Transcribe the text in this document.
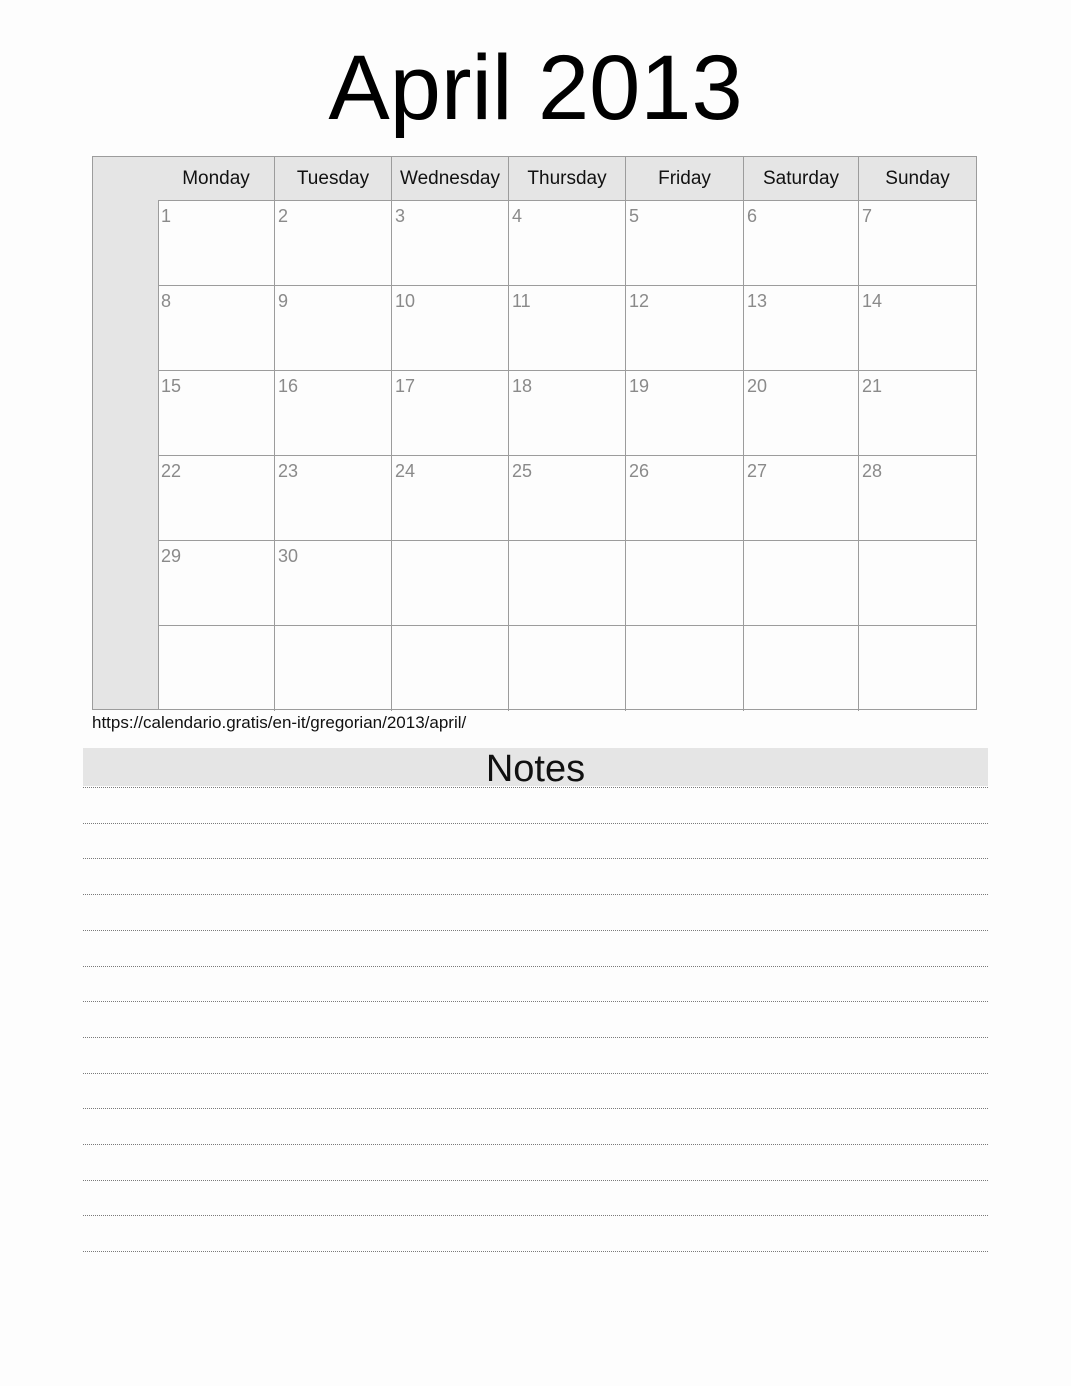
April 2013
Monday	Tuesday	Wednesday	Thursday	Friday	Saturday	Sunday
1	2	3	4	5	6	7
8	9	10	11	12	13	14
15	16	17	18	19	20	21
22	23	24	25	26	27	28
29	30
https://calendario.gratis/en-it/gregorian/2013/april/
Notes
